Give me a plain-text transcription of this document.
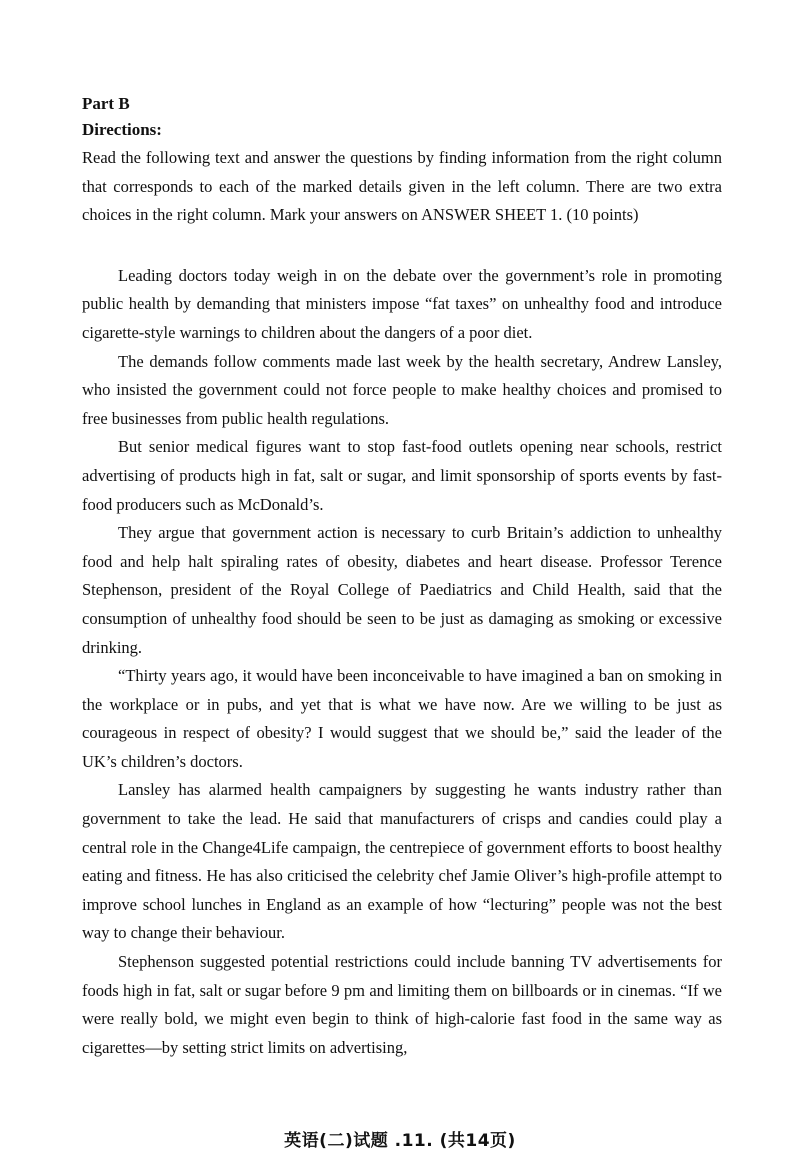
Part B

Directions:

Read the following text and answer the questions by finding information from the right column that corresponds to each of the marked details given in the left column. There are two extra choices in the right column. Mark your answers on ANSWER SHEET 1. (10 points)

Leading doctors today weigh in on the debate over the government’s role in promoting public health by demanding that ministers impose “fat taxes” on unhealthy food and introduce cigarette-style warnings to children about the dangers of a poor diet.

The demands follow comments made last week by the health secretary, Andrew Lansley, who insisted the government could not force people to make healthy choices and promised to free businesses from public health regulations.

But senior medical figures want to stop fast-food outlets opening near schools, restrict advertising of products high in fat, salt or sugar, and limit sponsorship of sports events by fast-food producers such as McDonald’s.

They argue that government action is necessary to curb Britain’s addiction to unhealthy food and help halt spiraling rates of obesity, diabetes and heart disease. Professor Terence Stephenson, president of the Royal College of Paediatrics and Child Health, said that the consumption of unhealthy food should be seen to be just as damaging as smoking or excessive drinking.

“Thirty years ago, it would have been inconceivable to have imagined a ban on smoking in the workplace or in pubs, and yet that is what we have now. Are we willing to be just as courageous in respect of obesity? I would suggest that we should be,” said the leader of the UK’s children’s doctors.

Lansley has alarmed health campaigners by suggesting he wants industry rather than government to take the lead. He said that manufacturers of crisps and candies could play a central role in the Change4Life campaign, the centrepiece of government efforts to boost healthy eating and fitness. He has also criticised the celebrity chef Jamie Oliver’s high-profile attempt to improve school lunches in England as an example of how “lecturing” people was not the best way to change their behaviour.

Stephenson suggested potential restrictions could include banning TV advertisements for foods high in fat, salt or sugar before 9 pm and limiting them on billboards or in cinemas. “If we were really bold, we might even begin to think of high-calorie fast food in the same way as cigarettes—by setting strict limits on advertising,

英语(二)试题 .11. (共14页)
